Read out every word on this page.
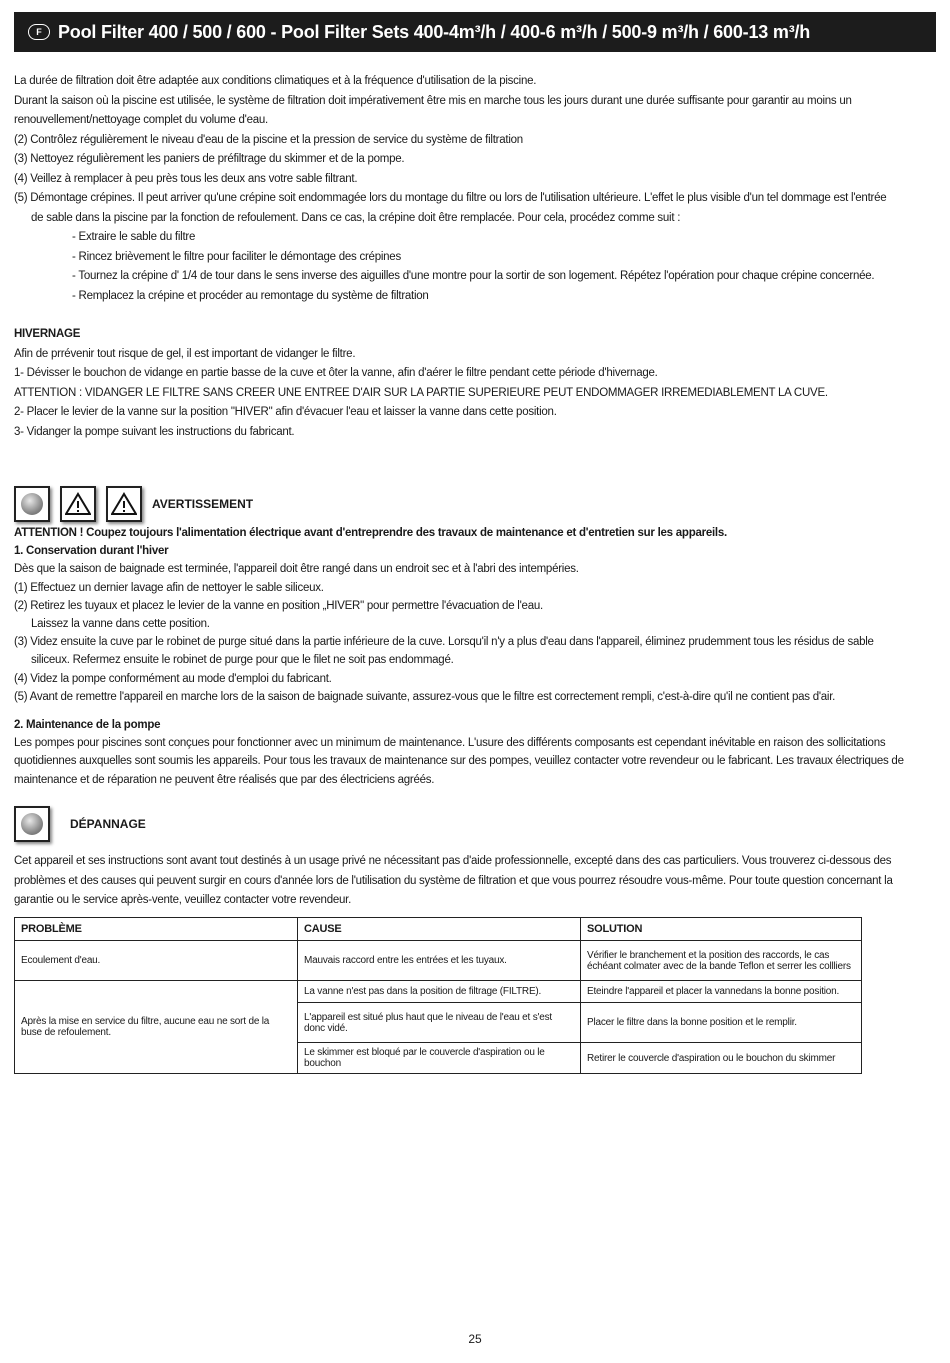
F Pool Filter 400 / 500 / 600 - Pool Filter Sets 400-4m³/h / 400-6 m³/h / 500-9 m³/h / 600-13 m³/h

La durée de filtration doit être adaptée aux conditions climatiques et à la fréquence d'utilisation de la piscine.

Durant la saison où la piscine est utilisée, le système de filtration doit impérativement être mis en marche tous les jours durant une durée suffisante pour garantir au moins un

renouvellement/nettoyage complet du volume d'eau.

(2) Contrôlez régulièrement le niveau d'eau de la piscine et la pression de service du système de filtration

(3) Nettoyez régulièrement les paniers de préfiltrage du skimmer et de la pompe.

(4) Veillez à remplacer à peu près tous les deux ans votre sable filtrant.

(5) Démontage crépines. Il peut arriver qu'une crépine soit endommagée lors du montage du filtre ou lors de l'utilisation ultérieure. L'effet le plus visible d'un tel dommage est l'entrée

de sable dans la piscine par la fonction de refoulement. Dans ce cas, la crépine doit être remplacée. Pour cela, procédez comme suit :

- Extraire le sable du filtre

- Rincez brièvement le filtre pour faciliter le démontage des crépines

- Tournez la crépine d' 1/4 de tour dans le sens inverse des aiguilles d'une montre pour la sortir de son logement. Répétez l'opération pour chaque crépine concernée.

- Remplacez la crépine et procéder au remontage du système de filtration

HIVERNAGE

Afin de prrévenir tout risque de gel, il est important de vidanger le filtre.

1- Dévisser le bouchon de vidange en partie basse de la cuve et ôter la vanne, afin d'aérer le filtre pendant cette période d'hivernage.

ATTENTION : VIDANGER LE FILTRE SANS CREER UNE ENTREE D'AIR SUR LA PARTIE SUPERIEURE PEUT ENDOMMAGER IRREMEDIABLEMENT LA CUVE.

2- Placer le levier de la vanne sur la position "HIVER" afin d'évacuer l'eau et laisser la vanne dans cette position.

3- Vidanger la pompe suivant les instructions du fabricant.

AVERTISSEMENT

ATTENTION ! Coupez toujours l'alimentation électrique avant d'entreprendre des travaux de maintenance et d'entretien sur les appareils.

1. Conservation durant l'hiver

Dès que la saison de baignade est terminée, l'appareil doit être rangé dans un endroit sec et à l'abri des intempéries.

(1) Effectuez un dernier lavage afin de nettoyer le sable siliceux.

(2) Retirez les tuyaux et placez le levier de la vanne en position „HIVER" pour permettre l'évacuation de l'eau.

Laissez la vanne dans cette position.

(3) Videz ensuite la cuve par le robinet de purge situé dans la partie inférieure de la cuve. Lorsqu'il n'y a plus d'eau dans l'appareil, éliminez prudemment tous les résidus de sable

siliceux. Refermez ensuite le robinet de purge pour que le filet ne soit pas endommagé.

(4) Videz la pompe conformément au mode d'emploi du fabricant.

(5) Avant de remettre l'appareil en marche lors de la saison de baignade suivante, assurez-vous que le filtre est correctement rempli, c'est-à-dire qu'il ne contient pas d'air.

2. Maintenance de la pompe

Les pompes pour piscines sont conçues pour fonctionner avec un minimum de maintenance. L'usure des différents composants est cependant inévitable en raison des sollicitations

quotidiennes auxquelles sont soumis les appareils. Pour tous les travaux de maintenance sur des pompes, veuillez contacter votre revendeur ou le fabricant. Les travaux électriques de

maintenance et de réparation ne peuvent être réalisés que par des électriciens agréés.

DÉPANNAGE

Cet appareil et ses instructions sont avant tout destinés à un usage privé ne nécessitant pas d'aide professionnelle, excepté dans des cas particuliers. Vous trouverez ci-dessous des

problèmes et des causes qui peuvent surgir en cours d'année lors de l'utilisation du système de filtration et que vous pourrez résoudre vous-même. Pour toute question concernant la

garantie ou le service après-vente, veuillez contacter votre revendeur.

PROBLÈME	CAUSE	SOLUTION
Ecoulement d'eau.	Mauvais raccord entre les entrées et les tuyaux.	Vérifier le branchement et la position des raccords, le cas échéant colmater avec de la bande Teflon et serrer les collliers
Après la mise en service du filtre, aucune eau ne sort de la buse de refoulement.	La vanne n'est pas dans la position de filtrage (FILTRE).	Eteindre l'appareil et placer la vannedans la bonne position.
	L'appareil est situé plus haut que le niveau de l'eau et s'est donc vidé.	Placer le filtre dans la bonne position et le remplir.
	Le skimmer est bloqué par le couvercle d'aspiration ou le bouchon	Retirer le couvercle d'aspiration ou le bouchon du skimmer
25
